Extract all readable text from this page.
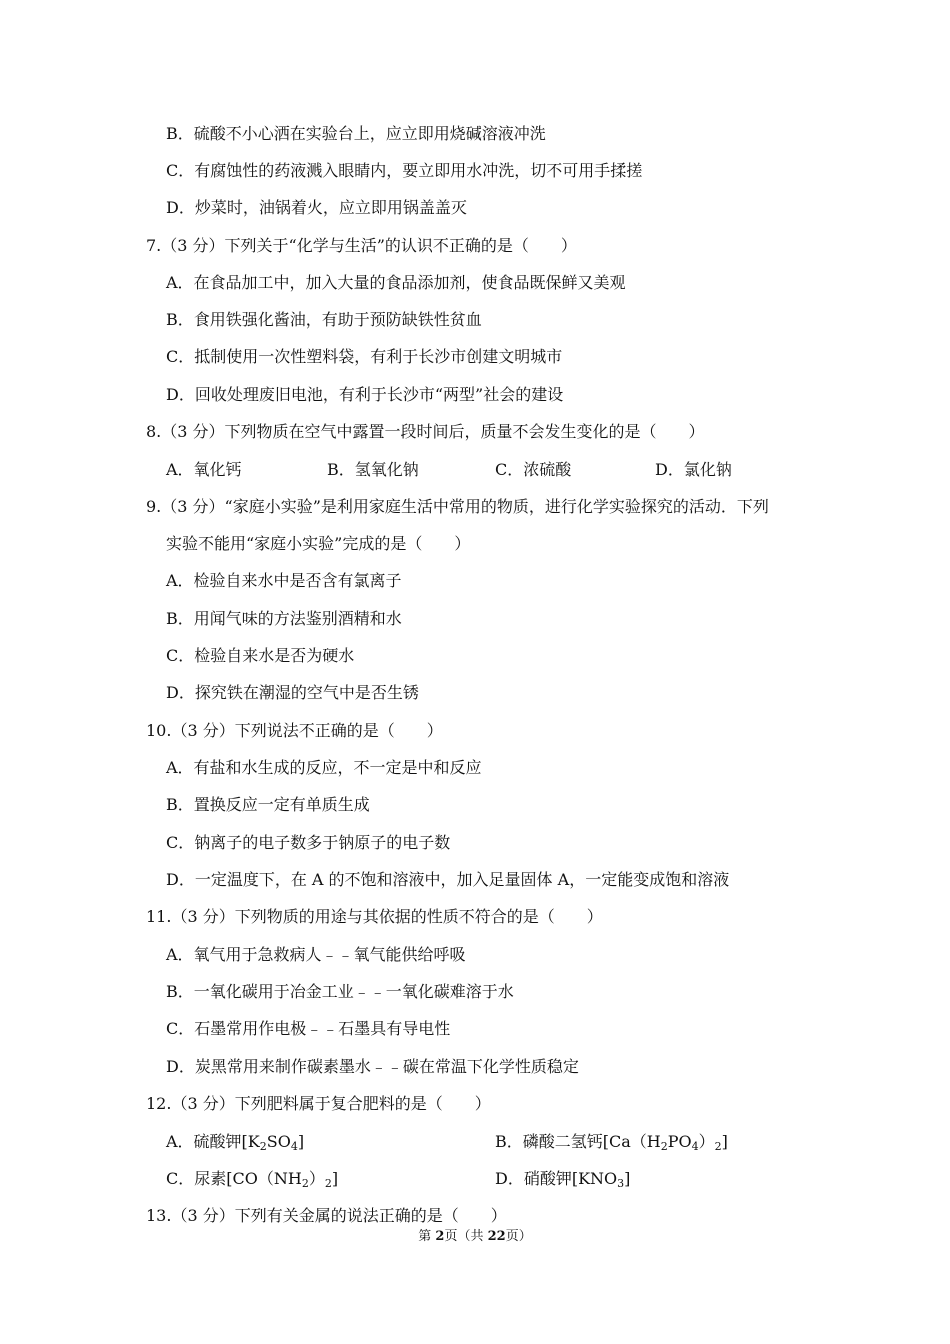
B．硫酸不小心洒在实验台上，应立即用烧碱溶液冲洗
C．有腐蚀性的药液溅入眼睛内，要立即用水冲洗，切不可用手揉搓
D．炒菜时，油锅着火，应立即用锅盖盖灭
7.（3 分）下列关于“化学与生活”的认识不正确的是（　　）
A．在食品加工中，加入大量的食品添加剂，使食品既保鲜又美观
B．食用铁强化酱油，有助于预防缺铁性贫血
C．抵制使用一次性塑料袋，有利于长沙市创建文明城市
D．回收处理废旧电池，有利于长沙市“两型”社会的建设
8.（3 分）下列物质在空气中露置一段时间后，质量不会发生变化的是（　　）
A．氧化钙	B．氢氧化钠	C．浓硫酸	D．氯化钠
9.（3 分）“家庭小实验”是利用家庭生活中常用的物质，进行化学实验探究的活动．下列
实验不能用“家庭小实验”完成的是（　　）
A．检验自来水中是否含有氯离子
B．用闻气味的方法鉴别酒精和水
C．检验自来水是否为硬水
D．探究铁在潮湿的空气中是否生锈
10.（3 分）下列说法不正确的是（　　）
A．有盐和水生成的反应，不一定是中和反应
B．置换反应一定有单质生成
C．钠离子的电子数多于钠原子的电子数
D．一定温度下，在 A 的不饱和溶液中，加入足量固体 A，一定能变成饱和溶液
11.（3 分）下列物质的用途与其依据的性质不符合的是（　　）
A．氧气用于急救病人﹣﹣氧气能供给呼吸
B．一氧化碳用于冶金工业﹣﹣一氧化碳难溶于水
C．石墨常用作电极﹣﹣石墨具有导电性
D．炭黑常用来制作碳素墨水﹣﹣碳在常温下化学性质稳定
12.（3 分）下列肥料属于复合肥料的是（　　）
A．硫酸钾$[K_2SO_4]$	B．磷酸二氢钙$[Ca(H_2PO_4)_2]$
C．尿素$[CO(NH_2)_2]$	D．硝酸钾$[KNO_3]$
13.（3 分）下列有关金属的说法正确的是（　　）
第 2页（共 22页）
